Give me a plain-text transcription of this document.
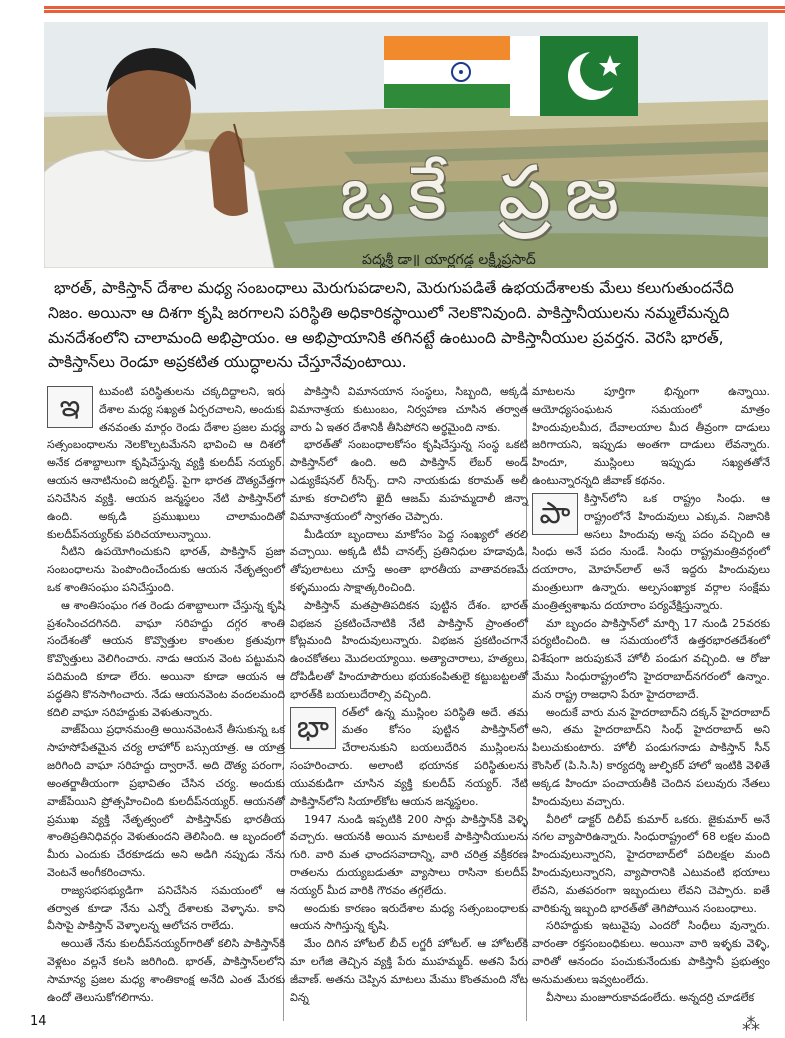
ఒకే ప్రజ
పద్మశ్రీ డా॥ యార్లగడ్డ లక్ష్మీప్రసాద్
భారత్, పాకిస్తాన్ దేశాల మధ్య సంబంధాలు మెరుగుపడాలని, మెరుగుపడితే ఉభయదేశాలకు మేలు కలుగుతుందనేది నిజం. అయినా ఆ దిశగా కృషి జరగాలని పరిస్థితి అధికారికస్థాయిలో నెలకొనివుంది. పాకిస్తానీయులను నమ్మలేమన్నది మనదేశంలోని చాలామంది అభిప్రాయం. ఆ అభిప్రాయానికి తగినట్టే ఉంటుంది పాకిస్తానీయుల ప్రవర్తన. వెరసి భారత్, పాకిస్తాన్‌లు రెండూ అప్రకటిత యుద్ధాలను చేస్తూనేవుంటాయి.

ఇ	టువంటి పరిస్థితులను చక్కదిద్దాలని, ఇరు దేశాల మధ్య సఖ్యత ఏర్పరచాలని, అందుకు తనవంతు మార్గం రెండు దేశాల ప్రజల మధ్య సత్సంబంధాలను నెలకొల్పటమేనని భావించి ఆ దిశలో అనేక దశాబ్దాలుగా కృషిచేస్తున్న వ్యక్తి కులదీప్ నయ్యర్. ఆయన ఆనాటినుంచి జర్నలిస్ట్. పైగా భారత దౌత్యవేత్తగా పనిచేసిన వ్యక్తి. ఆయన జన్మస్థలం నేటి పాకిస్తాన్‌లో ఉంది. అక్కడి ప్రముఖులు చాలామందితో కులదీప్‌నయ్యర్‌కు పరిచయాలున్నాయి.

నీటిని ఉపయోగించుకుని భారత్, పాకిస్తాన్ ప్రజా సంబంధాలను పెంపొందించేందుకు ఆయన నేతృత్వంలో ఒక శాంతిసంఘం పనిచేస్తుంది.

ఆ శాంతిసంఘం గత రెండు దశాబ్దాలుగా చేస్తున్న కృషి ప్రశంసించదగినది. వాఘా సరిహద్దు దగ్గర శాంతి సందేశంతో ఆయన కొవ్వొత్తుల కాంతుల క్రతువుగా కొవ్వొత్తులు వెలిగించారు. నాడు ఆయన వెంట పట్టుమని పదిమంది కూడా లేరు. అయినా కూడా ఆయన ఆ పద్ధతిని కొనసాగించారు. నేడు ఆయనవెంట వందలమంది కదిలి వాఘా సరిహద్దుకు వెళుతున్నారు.

వాజ్‌పేయి ప్రధానమంత్రి అయినవెంటనే తీసుకున్న ఒక సాహసోపేతమైన చర్య లాహోర్ బస్సుయాత్ర. ఆ యాత్ర జరిగింది వాఘా సరిహద్దు ద్వారానే. అది దౌత్య పరంగా, అంతర్జాతీయంగా ప్రభావితం చేసిన చర్య. అందుకు వాజ్‌పేయిని ప్రోత్సహించింది కులదీప్‌నయ్యర్. ఆయనతో ప్రముఖ వ్యక్తి నేతృత్వంలో పాకిస్తాన్‌కు భారతీయ శాంతిప్రతినిధివర్గం వెళుతుందని తెలిసింది. ఆ బృందంలో మీరు ఎందుకు చేరకూడదు అని అడిగి నప్పుడు నేను వెంటనే అంగీకరించాను.

రాజ్యసభసభ్యుడిగా పనిచేసిన సమయంలో ఆ తర్వాత కూడా నేను ఎన్నో దేశాలకు వెళ్ళాను. కాని వీసాపై పాకిస్తాన్ వెళ్ళాలన్న ఆలోచన రాలేదు.

అయితే నేను కులదీప్‌నయ్యర్‌గారితో కలిసి పాకిస్తాన్‌కి వెళ్లటం వల్లనే కలసి జరిగింది. భారత్, పాకిస్తాన్‌లలోని సామాన్య ప్రజల మధ్య శాంతికాంక్ష అనేది ఎంత మేరకు ఉందో తెలుసుకోగలిగాను.

పాకిస్తానీ విమానయాన సంస్థలు, సిబ్బంది, అక్కడి విమానాశ్రయ కుటుంబం, నిర్వహణ చూసిన తర్వాత వారు ఏ ఇతర దేశానికీ తీసిపోరని అర్థమైంది నాకు.

భారత్‌తో సంబంధాలకోసం కృషిచేస్తున్న సంస్థ ఒకటి పాకిస్తాన్‌లో ఉంది. అది పాకిస్తాన్ లేబర్ అండ్ ఎడ్యుకేషనల్ రీసెర్చ్. దాని నాయకుడు కరామత్ అలీ మాకు కరాచిలోని ఖైదీ ఆజమ్ మహమ్మదాలీ జిన్నా విమానాశ్రయంలో స్వాగతం చెప్పారు.

మీడియా బృందాలు మాకోసం పెద్ద సంఖ్యలో తరలి వచ్చాయి. అక్కడి టీవీ చానల్స్ ప్రతినిధుల హడావుడి, తోపులాటలు చూస్తే అంతా భారతీయ వాతావరణమే కళ్ళముందు సాక్షాత్కరించింది.

పాకిస్తాన్ మతప్రాతిపదికన పుట్టిన దేశం. భారత్ విభజన ప్రకటించేనాటికి నేటి పాకిస్తాన్ ప్రాంతంలో కోట్లమంది హిందువులున్నారు. విభజన ప్రకటించగానే ఉంచకోతలు మొదలయ్యాయి. అత్యాచారాలు, హత్యలు, దోపిడీలతో హిందూపౌరులు భయకంపితులై కట్టుబట్టలతో భారత్‌కి బయలుదేరాల్సి వచ్చింది.

భా	రత్‌లో ఉన్న ముస్లింల పరిస్థితి అదే. తమ మతం కోసం పుట్టిన పాకిస్తాన్‌లో చేరాలనుకుని బయలుదేరిన ముస్లింలను సంహరించారు. అలాంటి భయానక పరిస్థితులను యువకుడిగా చూసిన వ్యక్తి కులదీప్ నయ్యర్. నేటి పాకిస్తాన్‌లోని సియాల్‌కోట ఆయన జన్మస్థలం.

1947 నుండి ఇప్పటికి 200 సార్లు పాకిస్తాన్‌కి వెళ్ళి వచ్చారు. ఆయనకి అయిన మాటలకే పాకిస్తానీయులను గురి. వారి మత ఛాందసవాదాన్ని, వారి చరిత్ర వక్రీకరణ రాతలను దుయ్యబడుతూ వ్యాసాలు రాసినా కులదీప్ నయ్యర్ మీద వారికి గౌరవం తగ్గలేదు.

అందుకు కారణం ఇరుదేశాల మధ్య సత్సంబంధాలకు ఆయన సాగిస్తున్న కృషి.

మేం దిగిన హోటల్ బీచ్ లగ్జరీ హోటల్. ఆ హోటల్‌కి మా లగేజి తెచ్చిన వ్యక్తి పేరు ముహమ్మద్. అతని పేరు జీవాణ్. అతను చెప్పిన మాటలు మేము కొంతమంది నోట విన్న

మాటలను పూర్తిగా భిన్నంగా ఉన్నాయి. ఆయోధ్యసంఘటన సమయంలో మాత్రం హిందువులమీద, దేవాలయాల మీద తీవ్రంగా దాడులు జరిగాయని, ఇప్పుడు అంతగా దాడులు లేవన్నారు. హిందూ, ముస్లింలు ఇప్పుడు సఖ్యతతోనే ఉంటున్నారన్నది జీవాణ్ కథనం.

పా	కిస్తాన్‌లోని ఒక రాష్ట్రం సింధు. ఆ రాష్ట్రంలోనే హిందువులు ఎక్కువ. నిజానికి అసలు హిందువు అన్న పదం వచ్చింది ఆ సింధు అనే పదం నుండే. సింధు రాష్ట్రమంత్రివర్గంలో దయారాం, మోహన్‌లాల్ అనే ఇద్దరు హిందువులు మంత్రులుగా ఉన్నారు. అల్పసంఖ్యాక వర్గాల సంక్షేమ మంత్రిత్వశాఖను దయారాం పర్యవేక్షిస్తున్నారు.

మా బృందం పాకిస్తాన్‌లో మార్చి 17 నుండి 25వరకు పర్యటించింది. ఆ సమయంలోనే ఉత్తరభారతదేశంలో విశేషంగా జరుపుకునే హోలీ పండుగ వచ్చింది. ఆ రోజు మేము సింధురాష్ట్రంలోని హైదరాబాద్‌నగరంలో ఉన్నాం. మన రాష్ట్ర రాజధాని పేరూ హైదరాబాదే.

అందుకే వారు మన హైదరాబాద్‌ని దక్కన్ హైదరాబాద్ అని, తమ హైదరాబాద్‌ని సింధ్ హైదరాబాద్ అని పిలుచుకుంటారు. హోలీ పండుగనాడు పాకిస్తాన్ సీన్ కౌంసిల్ (పి.సి.సి) కార్యదర్శి జుల్ఫికర్ హాలో ఇంటికి వెళితే అక్కడ హిందూ పంచాయతీకి చెందిన పలువురు నేతలు హిందువులు వచ్చారు.

వీరిలో డాక్టర్ దిలీప్ కుమార్ ఒకరు. జైకుమార్ అనే నగల వ్యాపారిఉన్నారు. సింధురాష్ట్రంలో 68 లక్షల మంది హిందువులున్నారని, హైదరాబాద్‌లో పదిలక్షల మంది హిందువులున్నారని, వ్యాపారానికి ఎటువంటి భయాలు లేవని, మతపరంగా ఇబ్బందులు లేవని చెప్పారు. ఐతే వారికున్న ఇబ్బంది భారత్‌తో తెగిపోయిన సంబంధాలు.

సరిహద్దుకు ఇటువైపు ఎందరో సింధీలు వున్నారు. వారంతా రక్తసంబంధికులు. అయినా వారి ఇళ్ళకు వెళ్ళి, వారితో ఆనందం పంచుకునేందుకు పాకిస్తానీ ప్రభుత్వం అనుమతులు ఇవ్వటంలేదు.

వీసాలు మంజూరుకావడంలేదు. అన్నదర్రి చూడలేక

14	⁂
